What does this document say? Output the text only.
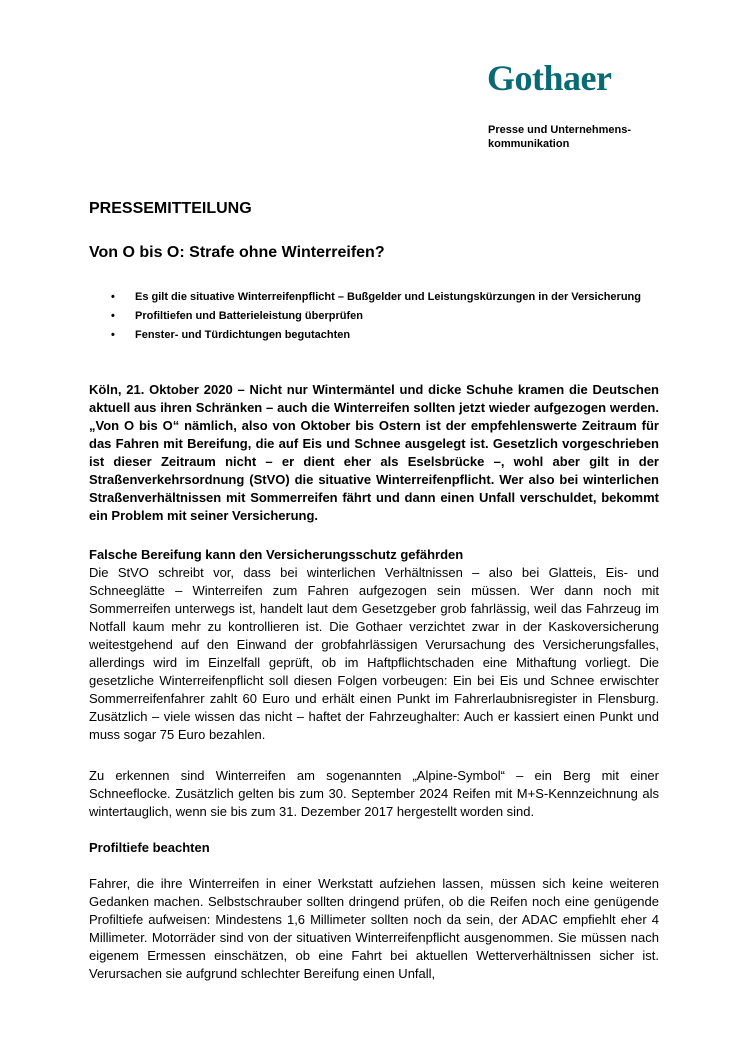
Gothaer
Presse und Unternehmens-kommunikation
PRESSEMITTEILUNG
Von O bis O: Strafe ohne Winterreifen?
• Es gilt die situative Winterreifenpflicht – Bußgelder und Leistungskürzungen in der Versicherung
• Profiltiefen und Batterieleistung überprüfen
• Fenster- und Türdichtungen begutachten

Köln, 21. Oktober 2020 – Nicht nur Wintermäntel und dicke Schuhe kramen die Deutschen aktuell aus ihren Schränken – auch die Winterreifen sollten jetzt wieder aufgezogen werden. „Von O bis O“ nämlich, also von Oktober bis Ostern ist der empfehlenswerte Zeitraum für das Fahren mit Bereifung, die auf Eis und Schnee ausgelegt ist. Gesetzlich vorgeschrieben ist dieser Zeitraum nicht – er dient eher als Eselsbrücke –, wohl aber gilt in der Straßenverkehrsordnung (StVO) die situative Winterreifenpflicht. Wer also bei winterlichen Straßenverhältnissen mit Sommerreifen fährt und dann einen Unfall verschuldet, bekommt ein Problem mit seiner Versicherung.

Falsche Bereifung kann den Versicherungsschutz gefährden

Die StVO schreibt vor, dass bei winterlichen Verhältnissen – also bei Glatteis, Eis- und Schneeglätte – Winterreifen zum Fahren aufgezogen sein müssen. Wer dann noch mit Sommerreifen unterwegs ist, handelt laut dem Gesetzgeber grob fahrlässig, weil das Fahrzeug im Notfall kaum mehr zu kontrollieren ist. Die Gothaer verzichtet zwar in der Kaskoversicherung weitestgehend auf den Einwand der grobfahrlässigen Verursachung des Versicherungsfalles, allerdings wird im Einzelfall geprüft, ob im Haftpflichtschaden eine Mithaftung vorliegt. Die gesetzliche Winterreifenpflicht soll diesen Folgen vorbeugen: Ein bei Eis und Schnee erwischter Sommerreifenfahrer zahlt 60 Euro und erhält einen Punkt im Fahrerlaubnisregister in Flensburg. Zusätzlich – viele wissen das nicht – haftet der Fahrzeughalter: Auch er kassiert einen Punkt und muss sogar 75 Euro bezahlen.

Zu erkennen sind Winterreifen am sogenannten „Alpine-Symbol“ – ein Berg mit einer Schneeflocke. Zusätzlich gelten bis zum 30. September 2024 Reifen mit M+S-Kennzeichnung als wintertauglich, wenn sie bis zum 31. Dezember 2017 hergestellt worden sind.

Profiltiefe beachten

Fahrer, die ihre Winterreifen in einer Werkstatt aufziehen lassen, müssen sich keine weiteren Gedanken machen. Selbstschrauber sollten dringend prüfen, ob die Reifen noch eine genügende Profiltiefe aufweisen: Mindestens 1,6 Millimeter sollten noch da sein, der ADAC empfiehlt eher 4 Millimeter. Motorräder sind von der situativen Winterreifenpflicht ausgenommen. Sie müssen nach eigenem Ermessen einschätzen, ob eine Fahrt bei aktuellen Wetterverhältnissen sicher ist. Verursachen sie aufgrund schlechter Bereifung einen Unfall,
